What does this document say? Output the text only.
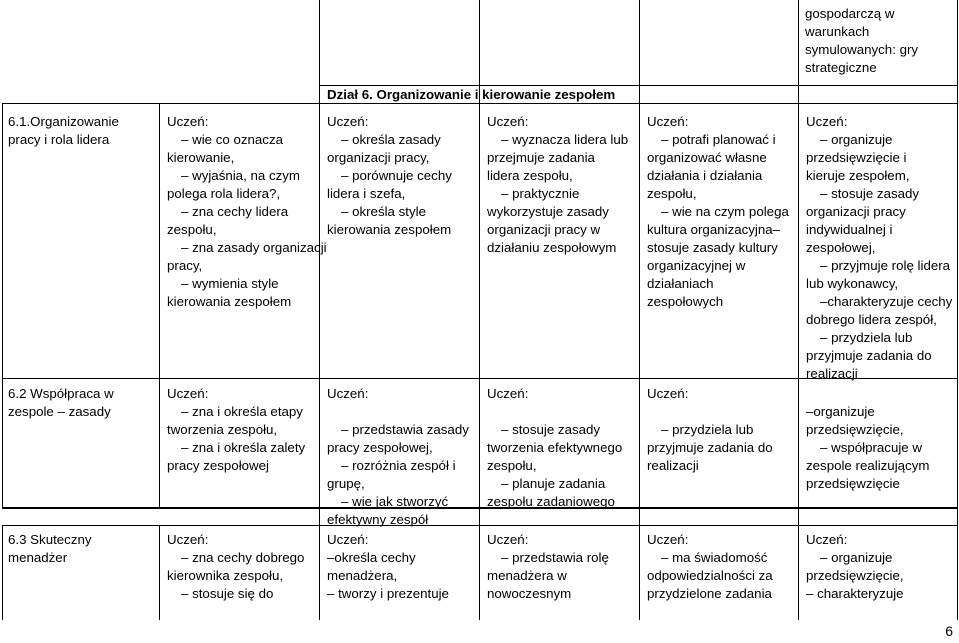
gospodarczą w
warunkach
symulowanych: gry
strategiczne
Dział 6. Organizowanie i kierowanie zespołem
6.1.Organizowanie
pracy i rola lidera
Uczeń:
– wie co oznacza
kierowanie,
– wyjaśnia, na czym
polega rola lidera?,
– zna cechy lidera
zespołu,
– zna zasady organizacji
pracy,
– wymienia style
kierowania zespołem
Uczeń:
– określa zasady
organizacji pracy,
– porównuje cechy
lidera i szefa,
– określa style
kierowania zespołem
Uczeń:
– wyznacza lidera lub
przejmuje zadania
lidera zespołu,
– praktycznie
wykorzystuje zasady
organizacji pracy w
działaniu zespołowym
Uczeń:
– potrafi planować i
organizować własne
działania i działania
zespołu,
– wie na czym polega
kultura organizacyjna–
stosuje zasady kultury
organizacyjnej w
działaniach
zespołowych
Uczeń:
– organizuje
przedsięwzięcie i
kieruje zespołem,
– stosuje zasady
organizacji pracy
indywidualnej i
zespołowej,
– przyjmuje rolę lidera
lub wykonawcy,
–charakteryzuje cechy
dobrego lidera zespół,
– przydziela lub
przyjmuje zadania do
realizacji
6.2 Współpraca w
zespole – zasady
Uczeń:
– zna i określa etapy
tworzenia zespołu,
– zna i określa zalety
pracy zespołowej
Uczeń:

– przedstawia zasady
pracy zespołowej,
– rozróżnia zespół i
grupę,
– wie jak stworzyć
efektywny zespół
Uczeń:

– stosuje zasady
tworzenia efektywnego
zespołu,
– planuje zadania
zespołu zadaniowego
Uczeń:

– przydziela lub
przyjmuje zadania do
realizacji
–organizuje
przedsięwzięcie,
– współpracuje w
zespole realizującym
przedsięwzięcie
6.3 Skuteczny
menadżer
Uczeń:
– zna cechy dobrego
kierownika zespołu,
– stosuje się do
Uczeń:
–określa cechy
menadżera,
– tworzy i prezentuje
Uczeń:
– przedstawia rolę
menadżera w
nowoczesnym
Uczeń:
– ma świadomość
odpowiedzialności za
przydzielone zadania
Uczeń:
– organizuje
przedsięwzięcie,
– charakteryzuje
6
